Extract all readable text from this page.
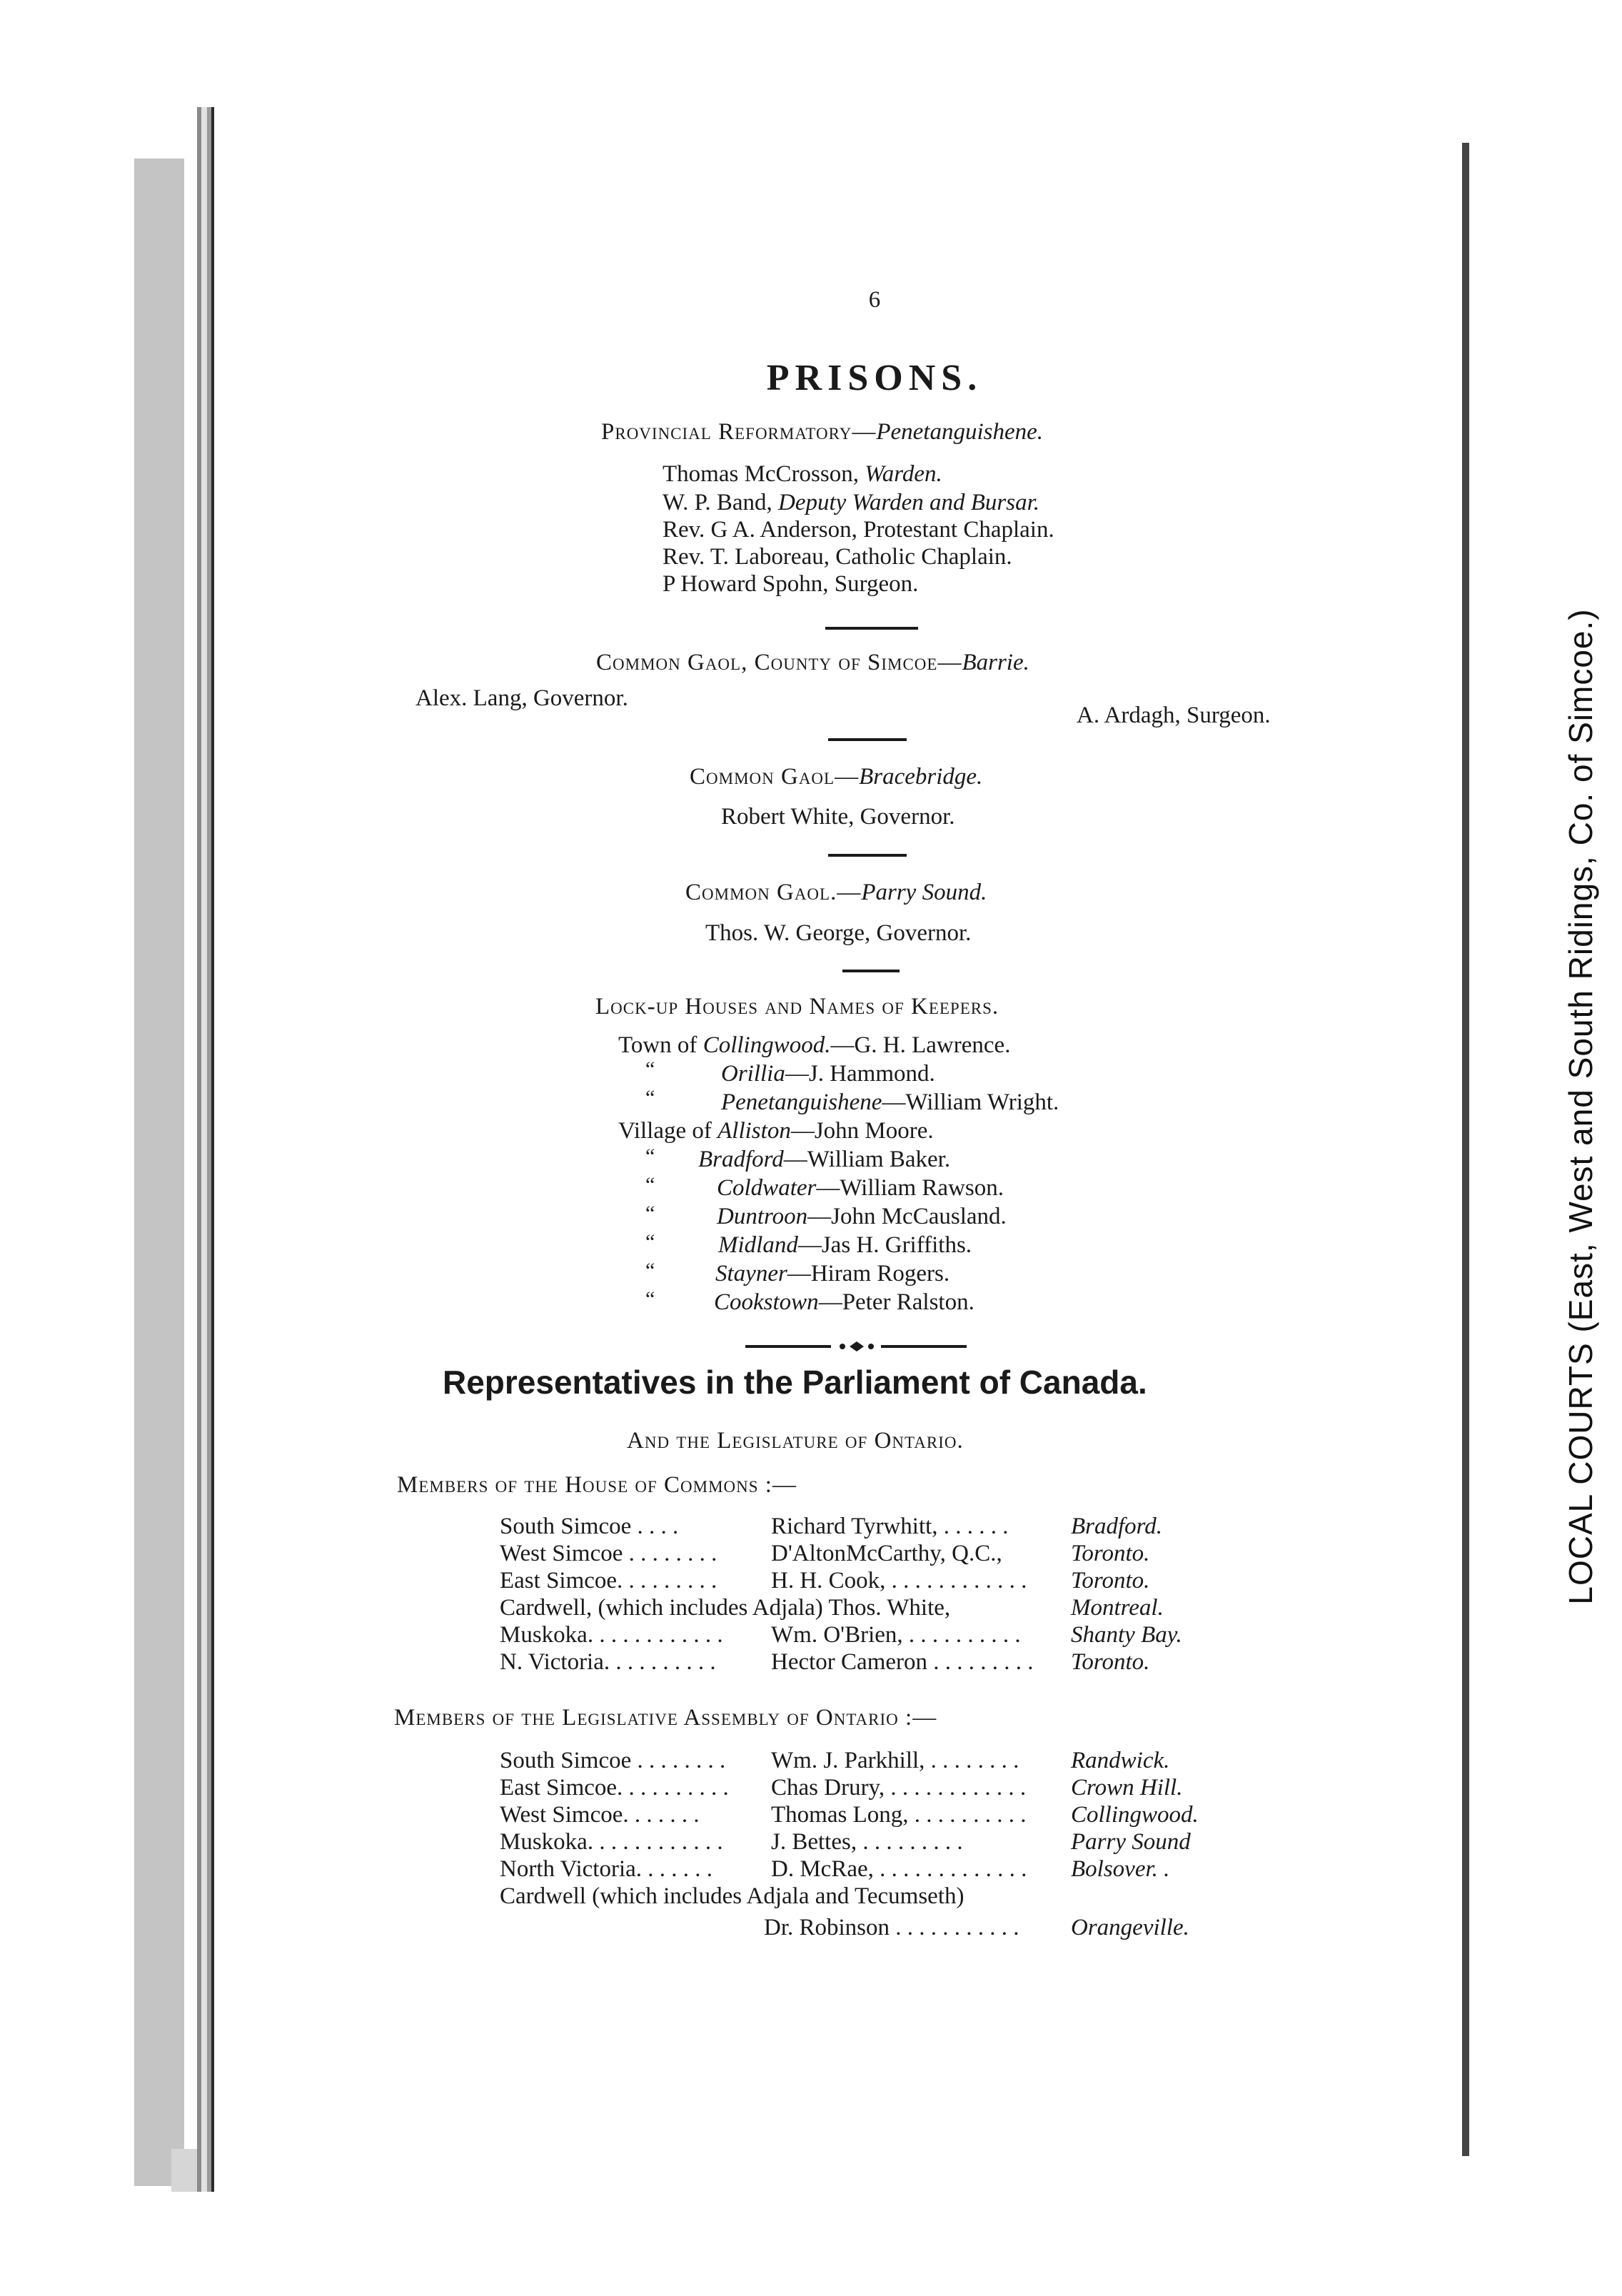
LOCAL COURTS (East, West and South Ridings, Co. of Simcoe.)
6
PRISONS.
Provincial Reformatory—Penetanguishene.
Thomas McCrosson, Warden.
W. P. Band, Deputy Warden and Bursar.
Rev. G A. Anderson, Protestant Chaplain.
Rev. T. Laboreau, Catholic Chaplain.
P Howard Spohn, Surgeon.
Common Gaol, County of Simcoe—Barrie.
Alex. Lang, Governor.
A. Ardagh, Surgeon.
Common Gaol—Bracebridge.
Robert White, Governor.
Common Gaol.—Parry Sound.
Thos. W. George, Governor.
Lock-up Houses and Names of Keepers.
Town of Collingwood.—G. H. Lawrence.
“	Orillia—J. Hammond.
“	Penetanguishene—William Wright.
Village of Alliston—John Moore.
“ Bradford—William Baker.
“	Coldwater—William Rawson.
“	Duntroon—John McCausland.
“	Midland—Jas H. Griffiths.
“	Stayner—Hiram Rogers.
“	Cookstown—Peter Ralston.
Representatives in the Parliament of Canada.
And the Legislature of Ontario.
Members of the House of Commons :—
South Simcoe . . . .	Richard Tyrwhitt, . . . . . .	Bradford.
West Simcoe . . . . . . . . D'AltonMcCarthy, Q.C.,	Toronto.
East Simcoe. . . . . . . . . H. H. Cook, . . . . . . . . . . . . Toronto.
Cardwell, (which includes Adjala) Thos. White,	Montreal.
Muskoka. . . . . . . . . . . . Wm. O'Brien, . . . . . . . . . . Shanty Bay.
N. Victoria. . . . . . . . . . Hector Cameron . . . . . . . . . Toronto.
Members of the Legislative Assembly of Ontario :—
South Simcoe . . . . . . . . Wm. J. Parkhill, . . . . . . . . Randwick.
East Simcoe. . . . . . . . . . Chas Drury, . . . . . . . . . . . . Crown Hill.
West Simcoe. . . . . . .	Thomas Long, . . . . . . . . . . Collingwood.
Muskoka. . . . . . . . . . . . J. Bettes, . . . . . . . . .	Parry Sound
North Victoria. . . . . . . D. McRae, . . . . . . . . . . . . . Bolsover. .
Cardwell (which includes Adjala and Tecumseth)
Dr. Robinson . . . . . . . . . . . Orangeville.
